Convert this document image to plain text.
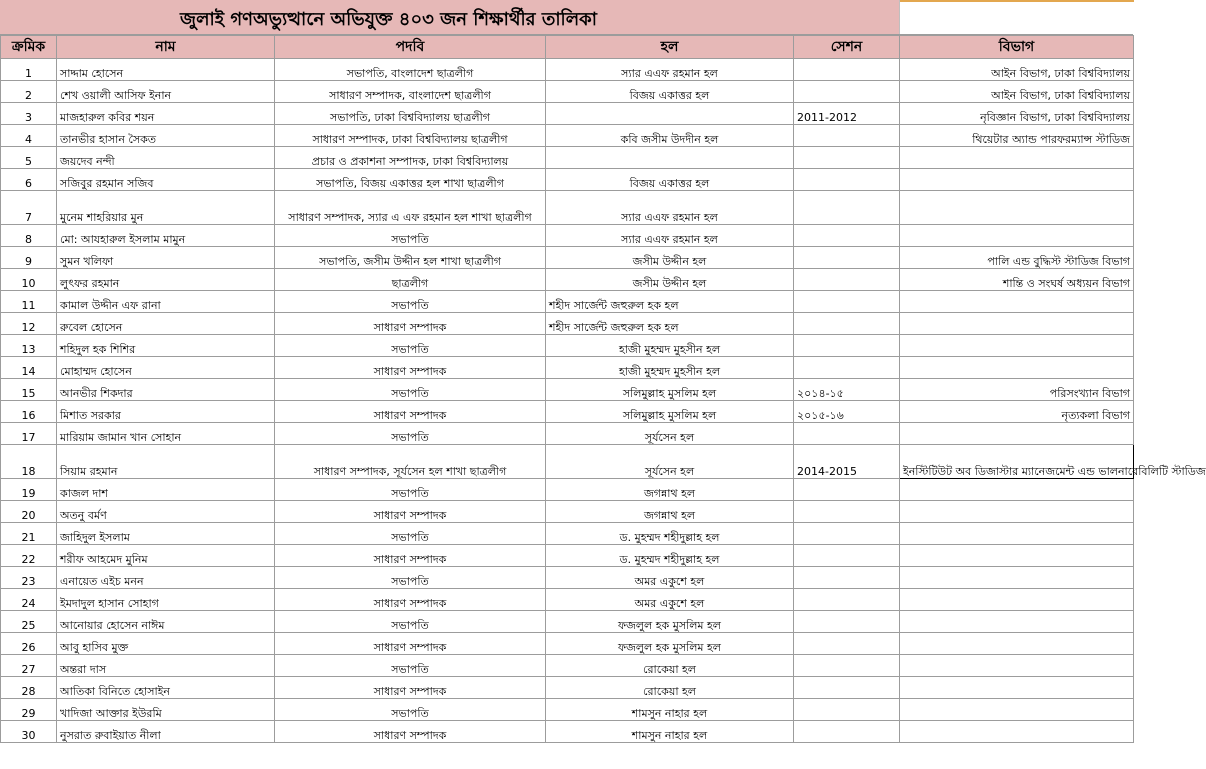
জুলাই গণঅভ্যুত্থানে অভিযুক্ত ৪০৩ জন শিক্ষার্থীর তালিকা
ক্রমিক	নাম	পদবি	হল	সেশন	বিভাগ
1	সাদ্দাম হোসেন	সভাপতি, বাংলাদেশ ছাত্রলীগ	স্যার এএফ রহমান হল		আইন বিভাগ, ঢাকা বিশ্ববিদ্যালয়
2	শেখ ওয়ালী আসিফ ইনান	সাধারণ সম্পাদক, বাংলাদেশ ছাত্রলীগ	বিজয় একাত্তর হল		আইন বিভাগ, ঢাকা বিশ্ববিদ্যালয়
3	মাজহারুল কবির শয়ন	সভাপতি, ঢাকা বিশ্ববিদ্যালয় ছাত্রলীগ		2011-2012	নৃবিজ্ঞান বিভাগ, ঢাকা বিশ্ববিদ্যালয়
4	তানভীর হাসান সৈকত	সাধারণ সম্পাদক, ঢাকা বিশ্ববিদ্যালয় ছাত্রলীগ	কবি জসীম উদদীন হল		থিয়েটার অ্যান্ড পারফরম্যান্স স্টাডিজ
5	জয়দেব নন্দী	প্রচার ও প্রকাশনা সম্পাদক, ঢাকা বিশ্ববিদ্যালয়			
6	সজিবুর রহমান সজিব	সভাপতি, বিজয় একাত্তর হল শাখা ছাত্রলীগ	বিজয় একাত্তর হল		
7	মুনেম শাহরিয়ার মুন	সাধারণ সম্পাদক, স্যার এ এফ রহমান হল শাখা ছাত্রলীগ	স্যার এএফ রহমান হল		
8	মো: আযহারুল ইসলাম মামুন	সভাপতি	স্যার এএফ রহমান হল		
9	সুমন খলিফা	সভাপতি, জসীম উদ্দীন হল শাখা ছাত্রলীগ	জসীম উদ্দীন হল		পালি এন্ড বুদ্ধিস্ট স্টাডিজ বিভাগ
10	লুৎফর রহমান	ছাত্রলীগ	জসীম উদ্দীন হল		শান্তি ও সংঘর্ষ অধ্যয়ন বিভাগ
11	কামাল উদ্দীন এফ রানা	সভাপতি	শহীদ সার্জেন্ট জহুরুল হক হল		
12	রুবেল হোসেন	সাধারণ সম্পাদক	শহীদ সার্জেন্ট জহুরুল হক হল		
13	শহিদুল হক শিশির	সভাপতি	হাজী মুহম্মদ মুহসীন হল		
14	মোহাম্মদ হোসেন	সাধারণ সম্পাদক	হাজী মুহম্মদ মুহসীন হল		
15	আনভীর শিকদার	সভাপতি	সলিমুল্লাহ মুসলিম হল	২০১৪-১৫	পরিসংখ্যান বিভাগ
16	মিশাত সরকার	সাধারণ সম্পাদক	সলিমুল্লাহ মুসলিম হল	২০১৫-১৬	নৃত্যকলা বিভাগ
17	মারিয়াম জামান খান সোহান	সভাপতি	সূর্যসেন হল		
18	সিয়াম রহমান	সাধারণ সম্পাদক, সূর্যসেন হল শাখা ছাত্রলীগ	সূর্যসেন হল	2014-2015	ইনস্টিটিউট অব ডিজাস্টার ম্যানেজমেন্ট এন্ড ভালনারেবিলিটি স্টাডিজ
19	কাজল দাশ	সভাপতি	জগন্নাথ হল		
20	অতনু বর্মণ	সাধারণ সম্পাদক	জগন্নাথ হল		
21	জাহিদুল ইসলাম	সভাপতি	ড. মুহম্মদ শহীদুল্লাহ হল		
22	শরীফ আহমেদ মুনিম	সাধারণ সম্পাদক	ড. মুহম্মদ শহীদুল্লাহ হল		
23	এনায়েত এইচ মনন	সভাপতি	অমর একুশে হল		
24	ইমদাদুল হাসান সোহাগ	সাধারণ সম্পাদক	অমর একুশে হল		
25	আনোয়ার হোসেন নাঈম	সভাপতি	ফজলুল হক মুসলিম হল		
26	আবু হাসিব মুক্ত	সাধারণ সম্পাদক	ফজলুল হক মুসলিম হল		
27	অন্তরা দাস	সভাপতি	রোকেয়া হল		
28	আতিকা বিনিতে হোসাইন	সাধারণ সম্পাদক	রোকেয়া হল		
29	খাদিজা আক্তার ইউরমি	সভাপতি	শামসুন নাহার হল		
30	নুসরাত রুবাইয়াত নীলা	সাধারণ সম্পাদক	শামসুন নাহার হল		
